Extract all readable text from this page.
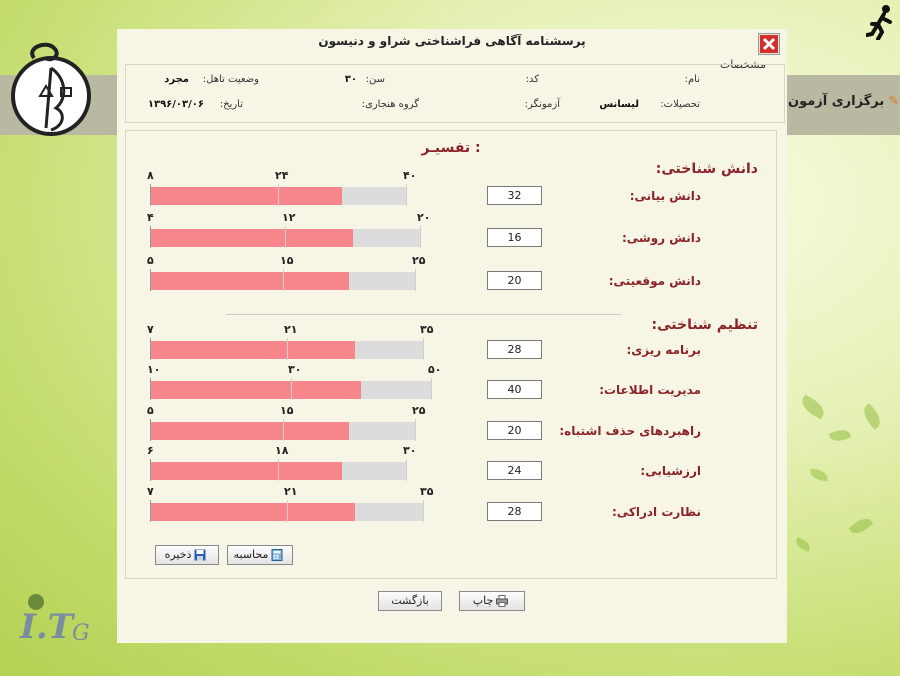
✎برگزاری آزمون
I.T
G
پرسشنامه آگاهی فراشناختی شراو و دنیسون
مشخصات
نام:
کد:
سن:
۳۰
وضعیت تاهل:
مجرد
تحصیلات:
لیسانس
آزمونگر:
گروه هنجاری:
تاریخ:
۱۳۹۶/۰۳/۰۶
تفسیـر :
دانش شناختی:
تنظیم شناختی:
۸	۲۴	۴۰
32	دانش بیانی:
۴	۱۲	۲۰
16	دانش روشی:
۵	۱۵	۲۵
20	دانش موقعیتی:
۷	۲۱	۳۵
28	برنامه ریزی:
۱۰	۳۰	۵۰
40	مدیریت اطلاعات:
۵	۱۵	۲۵
20	راهبردهای حذف اشتباه:
۶	۱۸	۳۰
24	ارزشیابی:
۷	۲۱	۳۵
28	نظارت ادراکی:
محاسبه
ذخیره
چاپ
بازگشت
